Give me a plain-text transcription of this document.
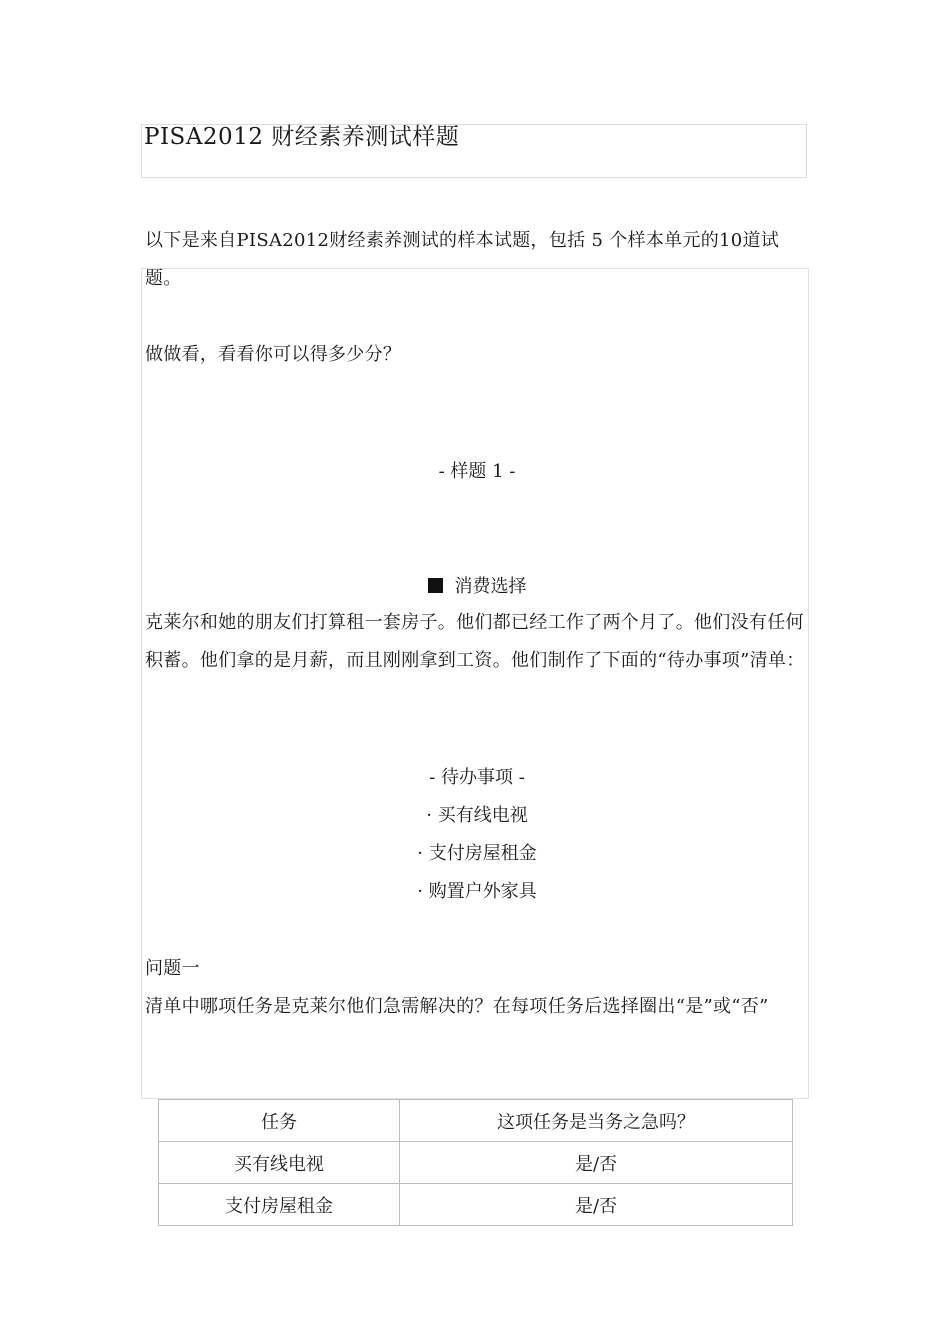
PISA2012 财经素养测试样题
以下是来自PISA2012财经素养测试的样本试题，包括 5 个样本单元的10道试题。
做做看，看看你可以得多少分？
- 样题 1 -
消费选择
克莱尔和她的朋友们打算租一套房子。他们都已经工作了两个月了。他们没有任何积蓄。他们拿的是月薪，而且刚刚拿到工资。他们制作了下面的“待办事项”清单：
- 待办事项 -
· 买有线电视
· 支付房屋租金
· 购置户外家具
问题一
清单中哪项任务是克莱尔他们急需解决的？在每项任务后选择圈出“是”或“否”
任务	这项任务是当务之急吗？
买有线电视	是/否
支付房屋租金	是/否
